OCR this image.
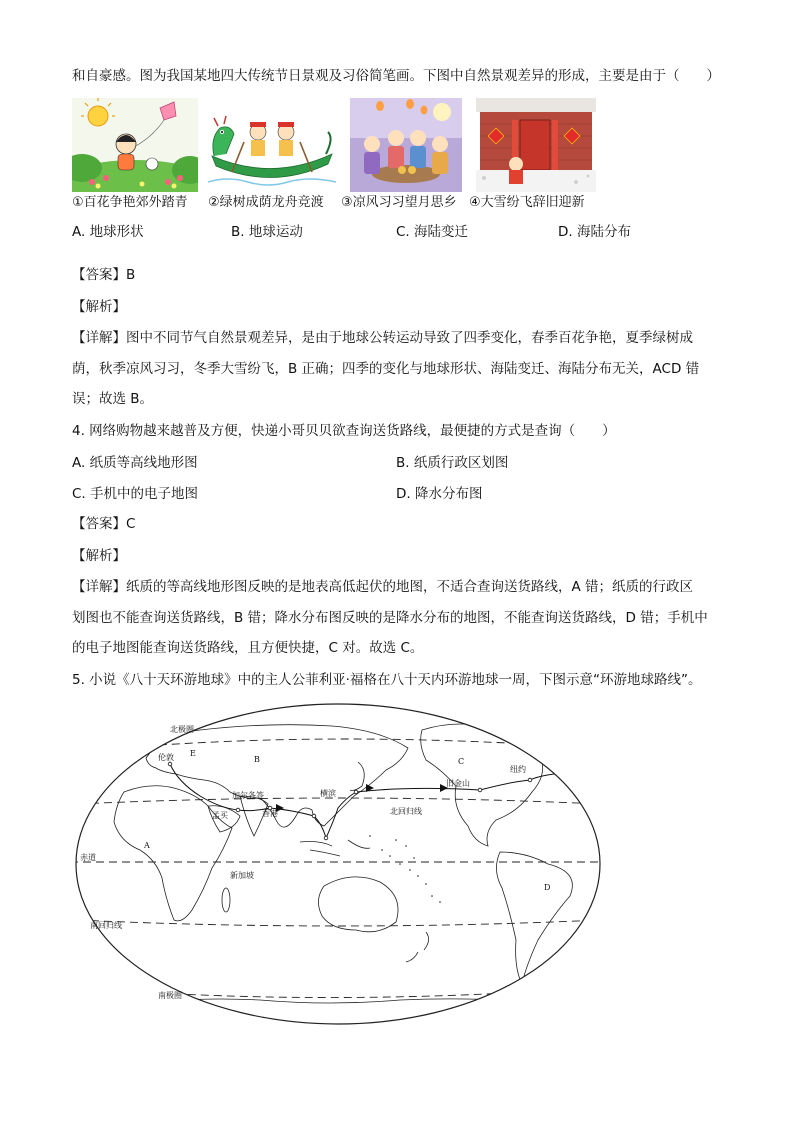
和自豪感。图为我国某地四大传统节日景观及习俗简笔画。下图中自然景观差异的形成，主要是由于（　　）
①百花争艳郊外踏青 ②绿树成荫龙舟竞渡 ③凉风习习望月思乡 ④大雪纷飞辞旧迎新
A. 地球形状	B. 地球运动	C. 海陆变迁	D. 海陆分布
【答案】B
【解析】
【详解】图中不同节气自然景观差异，是由于地球公转运动导致了四季变化，春季百花争艳，夏季绿树成
荫，秋季凉风习习，冬季大雪纷飞，B 正确；四季的变化与地球形状、海陆变迁、海陆分布无关，ACD 错
误；故选 B。
4. 网络购物越来越普及方便，快递小哥贝贝欲查询送货路线，最便捷的方式是查询（　　）
A. 纸质等高线地形图	B. 纸质行政区划图
C. 手机中的电子地图	D. 降水分布图
【答案】C
【解析】
【详解】纸质的等高线地形图反映的是地表高低起伏的地图，不适合查询送货路线，A 错；纸质的行政区
划图也不能查询送货路线，B 错；降水分布图反映的是降水分布的地图，不能查询送货路线，D 错；手机中
的电子地图能查询送货路线，且方便快捷，C 对。故选 C。
5. 小说《八十天环游地球》中的主人公菲利亚·福格在八十天内环游地球一周，下图示意“环游地球路线”。
北极圈
北回归线
赤道
南回归线
南极圈
伦敦
孟买
加尔各答
香港
横滨
新加坡
旧金山
纽约
A
B	C
D
E
